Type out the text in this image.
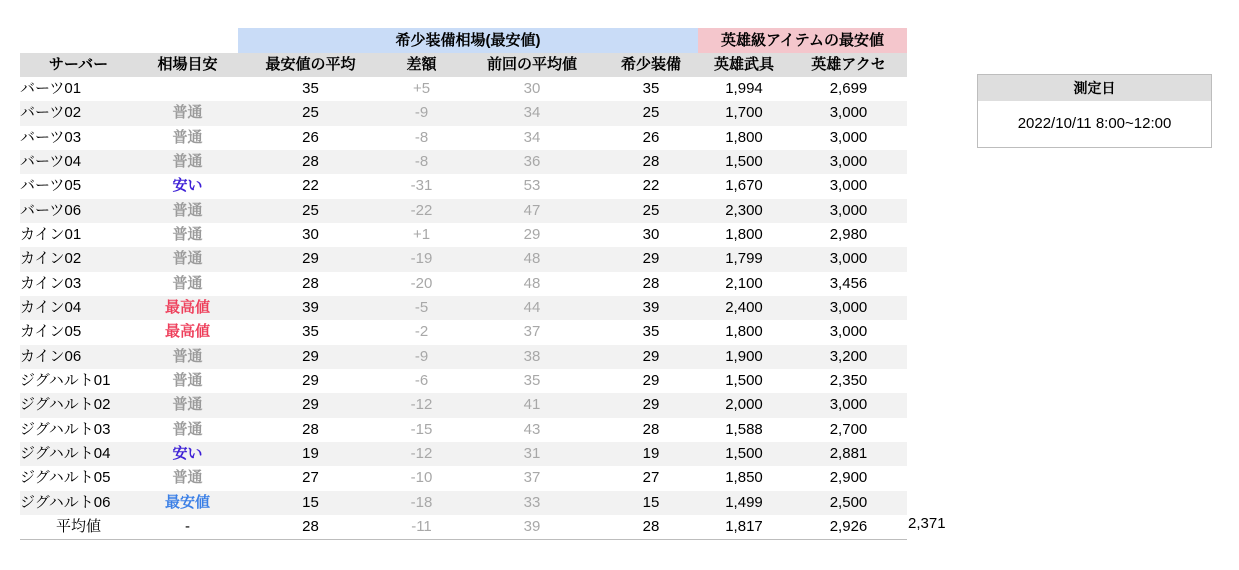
		希少装備相場(最安値)				英雄級アイテムの最安値	
サーバー	相場目安	最安値の平均	差額	前回の平均値	希少装備	英雄武具	英雄アクセ
バーツ01		35	+5	30	35	1,994	2,699
バーツ02	普通	25	-9	34	25	1,700	3,000
バーツ03	普通	26	-8	34	26	1,800	3,000
バーツ04	普通	28	-8	36	28	1,500	3,000
バーツ05	安い	22	-31	53	22	1,670	3,000
バーツ06	普通	25	-22	47	25	2,300	3,000
カイン01	普通	30	+1	29	30	1,800	2,980
カイン02	普通	29	-19	48	29	1,799	3,000
カイン03	普通	28	-20	48	28	2,100	3,456
カイン04	最高値	39	-5	44	39	2,400	3,000
カイン05	最高値	35	-2	37	35	1,800	3,000
カイン06	普通	29	-9	38	29	1,900	3,200
ジグハルト01	普通	29	-6	35	29	1,500	2,350
ジグハルト02	普通	29	-12	41	29	2,000	3,000
ジグハルト03	普通	28	-15	43	28	1,588	2,700
ジグハルト04	安い	19	-12	31	19	1,500	2,881
ジグハルト05	普通	27	-10	37	27	1,850	2,900
ジグハルト06	最安値	15	-18	33	15	1,499	2,500
平均値	-	28	-11	39	28	1,817	2,926	2,371
測定日
2022/10/11 8:00~12:00
